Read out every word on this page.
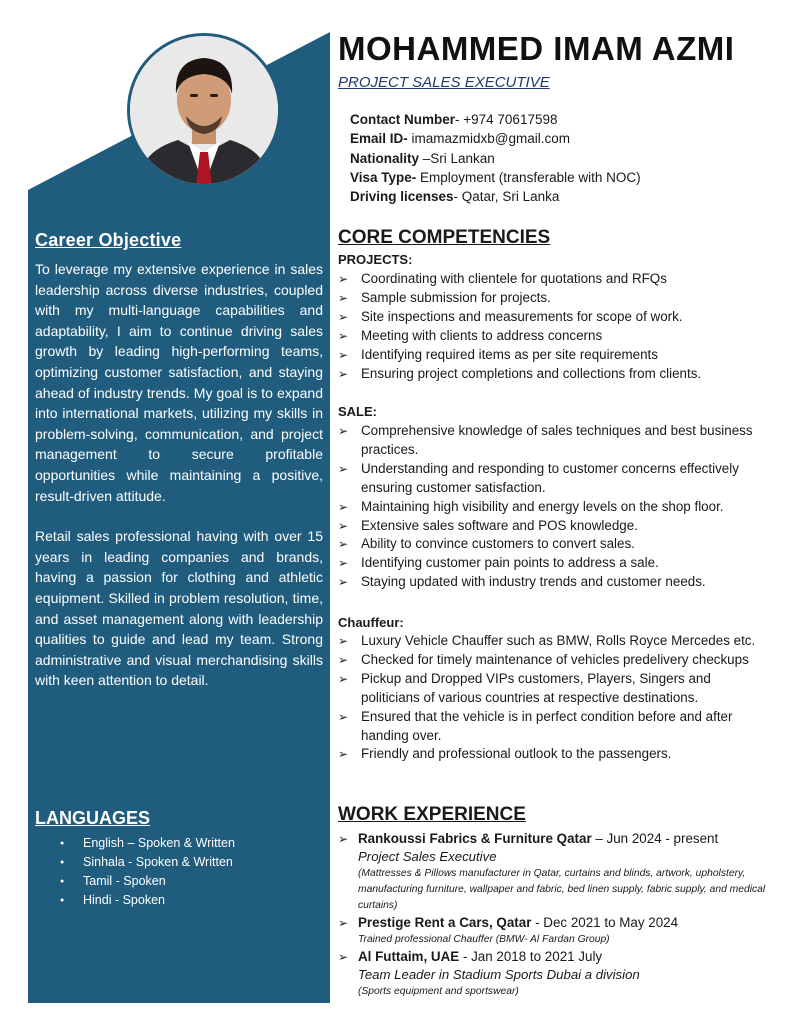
Career Objective

To leverage my extensive experience in sales leadership across diverse industries, coupled with my multi-language capabilities and adaptability, I aim to continue driving sales growth by leading high-performing teams, optimizing customer satisfaction, and staying ahead of industry trends. My goal is to expand into international markets, utilizing my skills in problem-solving, communication, and project management to secure profitable opportunities while maintaining a positive, result-driven attitude.

Retail sales professional having with over 15 years in leading companies and brands, having a passion for clothing and athletic equipment. Skilled in problem resolution, time, and asset management along with leadership qualities to guide and lead my team. Strong administrative and visual merchandising skills with keen attention to detail.

LANGUAGES
● English – Spoken & Written
● Sinhala - Spoken & Written
● Tamil - Spoken
● Hindi - Spoken
MOHAMMED IMAM AZMI
PROJECT SALES EXECUTIVE
Contact Number- +974 70617598
Email ID- imamazmidxb@gmail.com
Nationality –Sri Lankan
Visa Type- Employment (transferable with NOC)
Driving licenses- Qatar, Sri Lanka
CORE COMPETENCIES
PROJECTS:
➢ Coordinating with clientele for quotations and RFQs
➢ Sample submission for projects.
➢ Site inspections and measurements for scope of work.
➢ Meeting with clients to address concerns
➢ Identifying required items as per site requirements
➢ Ensuring project completions and collections from clients.
SALE:
➢ Comprehensive knowledge of sales techniques and best business practices.
➢ Understanding and responding to customer concerns effectively ensuring customer satisfaction.
➢ Maintaining high visibility and energy levels on the shop floor.
➢ Extensive sales software and POS knowledge.
➢ Ability to convince customers to convert sales.
➢ Identifying customer pain points to address a sale.
➢ Staying updated with industry trends and customer needs.
Chauffeur:
➢ Luxury Vehicle Chauffer such as BMW, Rolls Royce Mercedes etc.
➢ Checked for timely maintenance of vehicles predelivery checkups
➢ Pickup and Dropped VIPs customers, Players, Singers and politicians of various countries at respective destinations.
➢ Ensured that the vehicle is in perfect condition before and after handing over.
➢ Friendly and professional outlook to the passengers.
WORK EXPERIENCE
➢ Rankoussi Fabrics & Furniture Qatar – Jun 2024 - present
Project Sales Executive
(Mattresses & Pillows manufacturer in Qatar, curtains and blinds, artwork, upholstery, manufacturing furniture, wallpaper and fabric, bed linen supply, fabric supply, and medical curtains)
➢ Prestige Rent a Cars, Qatar - Dec 2021 to May 2024
Trained professional Chauffer (BMW- Al Fardan Group)
➢ Al Futtaim, UAE - Jan 2018 to 2021 July
Team Leader in Stadium Sports Dubai a division
(Sports equipment and sportswear)
